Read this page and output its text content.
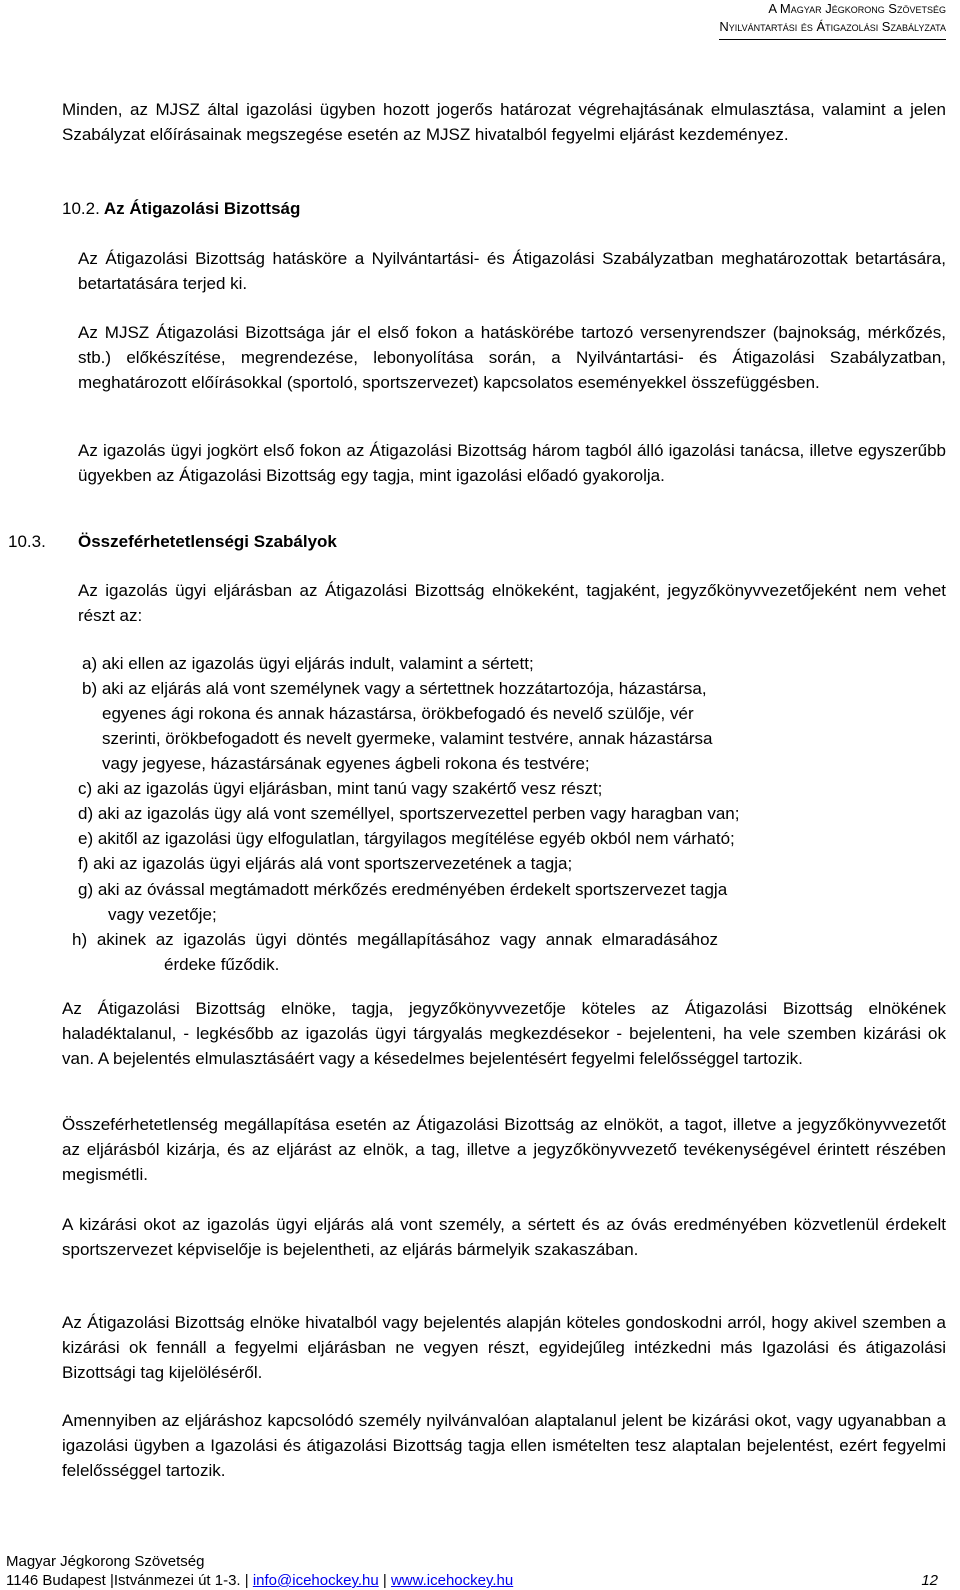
A Magyar Jégkorong Szövetség
Nyilvántartási és Átigazolási Szabályzata
Minden, az MJSZ által igazolási ügyben hozott jogerős határozat végrehajtásának elmulasztása, valamint a jelen Szabályzat előírásainak megszegése esetén az MJSZ hivatalból fegyelmi eljárást kezdeményez.
10.2. Az Átigazolási Bizottság
Az Átigazolási Bizottság hatásköre a Nyilvántartási- és Átigazolási Szabályzatban meghatározottak betartására, betartatására terjed ki.
Az MJSZ Átigazolási Bizottsága jár el első fokon a hatáskörébe tartozó versenyrendszer (bajnokság, mérkőzés, stb.) előkészítése, megrendezése, lebonyolítása során, a Nyilvántartási- és Átigazolási Szabályzatban, meghatározott előírásokkal (sportoló, sportszervezet) kapcsolatos eseményekkel összefüggésben.
Az igazolás ügyi jogkört első fokon az Átigazolási Bizottság három tagból álló igazolási tanácsa, illetve egyszerűbb ügyekben az Átigazolási Bizottság egy tagja, mint igazolási előadó gyakorolja.
10.3. Összeférhetetlenségi Szabályok
Az igazolás ügyi eljárásban az Átigazolási Bizottság elnökeként, tagjaként, jegyzőkönyvvezetőjeként nem vehet részt az:
a) aki ellen az igazolás ügyi eljárás indult, valamint a sértett;
b) aki az eljárás alá vont személynek vagy a sértettnek hozzátartozója, házastársa,
egyenes ági rokona és annak házastársa, örökbefogadó és nevelő szülője, vér
szerinti, örökbefogadott és nevelt gyermeke, valamint testvére, annak házastársa
vagy jegyese, házastársának egyenes ágbeli rokona és testvére;
c) aki az igazolás ügyi eljárásban, mint tanú vagy szakértő vesz részt;
d) aki az igazolás ügy alá vont személlyel, sportszervezettel perben vagy haragban van;
e) akitől az igazolási ügy elfogulatlan, tárgyilagos megítélése egyéb okból nem várható;
f) aki az igazolás ügyi eljárás alá vont sportszervezetének a tagja;
g) aki az óvással megtámadott mérkőzés eredményében érdekelt sportszervezet tagja
vagy vezetője;
h) akinek az igazolás ügyi döntés megállapításához vagy annak elmaradásához
érdeke fűződik.
Az Átigazolási Bizottság elnöke, tagja, jegyzőkönyvvezetője köteles az Átigazolási Bizottság elnökének haladéktalanul, - legkésőbb az igazolás ügyi tárgyalás megkezdésekor - bejelenteni, ha vele szemben kizárási ok van. A bejelentés elmulasztásáért vagy a késedelmes bejelentésért fegyelmi felelősséggel tartozik.
Összeférhetetlenség megállapítása esetén az Átigazolási Bizottság az elnököt, a tagot, illetve a jegyzőkönyvvezetőt az eljárásból kizárja, és az eljárást az elnök, a tag, illetve a jegyzőkönyvvezető tevékenységével érintett részében megismétli.
A kizárási okot az igazolás ügyi eljárás alá vont személy, a sértett és az óvás eredményében közvetlenül érdekelt sportszervezet képviselője is bejelentheti, az eljárás bármelyik szakaszában.
Az Átigazolási Bizottság elnöke hivatalból vagy bejelentés alapján köteles gondoskodni arról, hogy akivel szemben a kizárási ok fennáll a fegyelmi eljárásban ne vegyen részt, egyidejűleg intézkedni más Igazolási és átigazolási Bizottsági tag kijelöléséről.
Amennyiben az eljáráshoz kapcsolódó személy nyilvánvalóan alaptalanul jelent be kizárási okot, vagy ugyanabban a igazolási ügyben a Igazolási és átigazolási Bizottság tagja ellen ismételten tesz alaptalan bejelentést, ezért fegyelmi felelősséggel tartozik.
Magyar Jégkorong Szövetség
1146 Budapest |Istvánmezei út 1-3. | info@icehockey.hu | www.icehockey.hu	12
